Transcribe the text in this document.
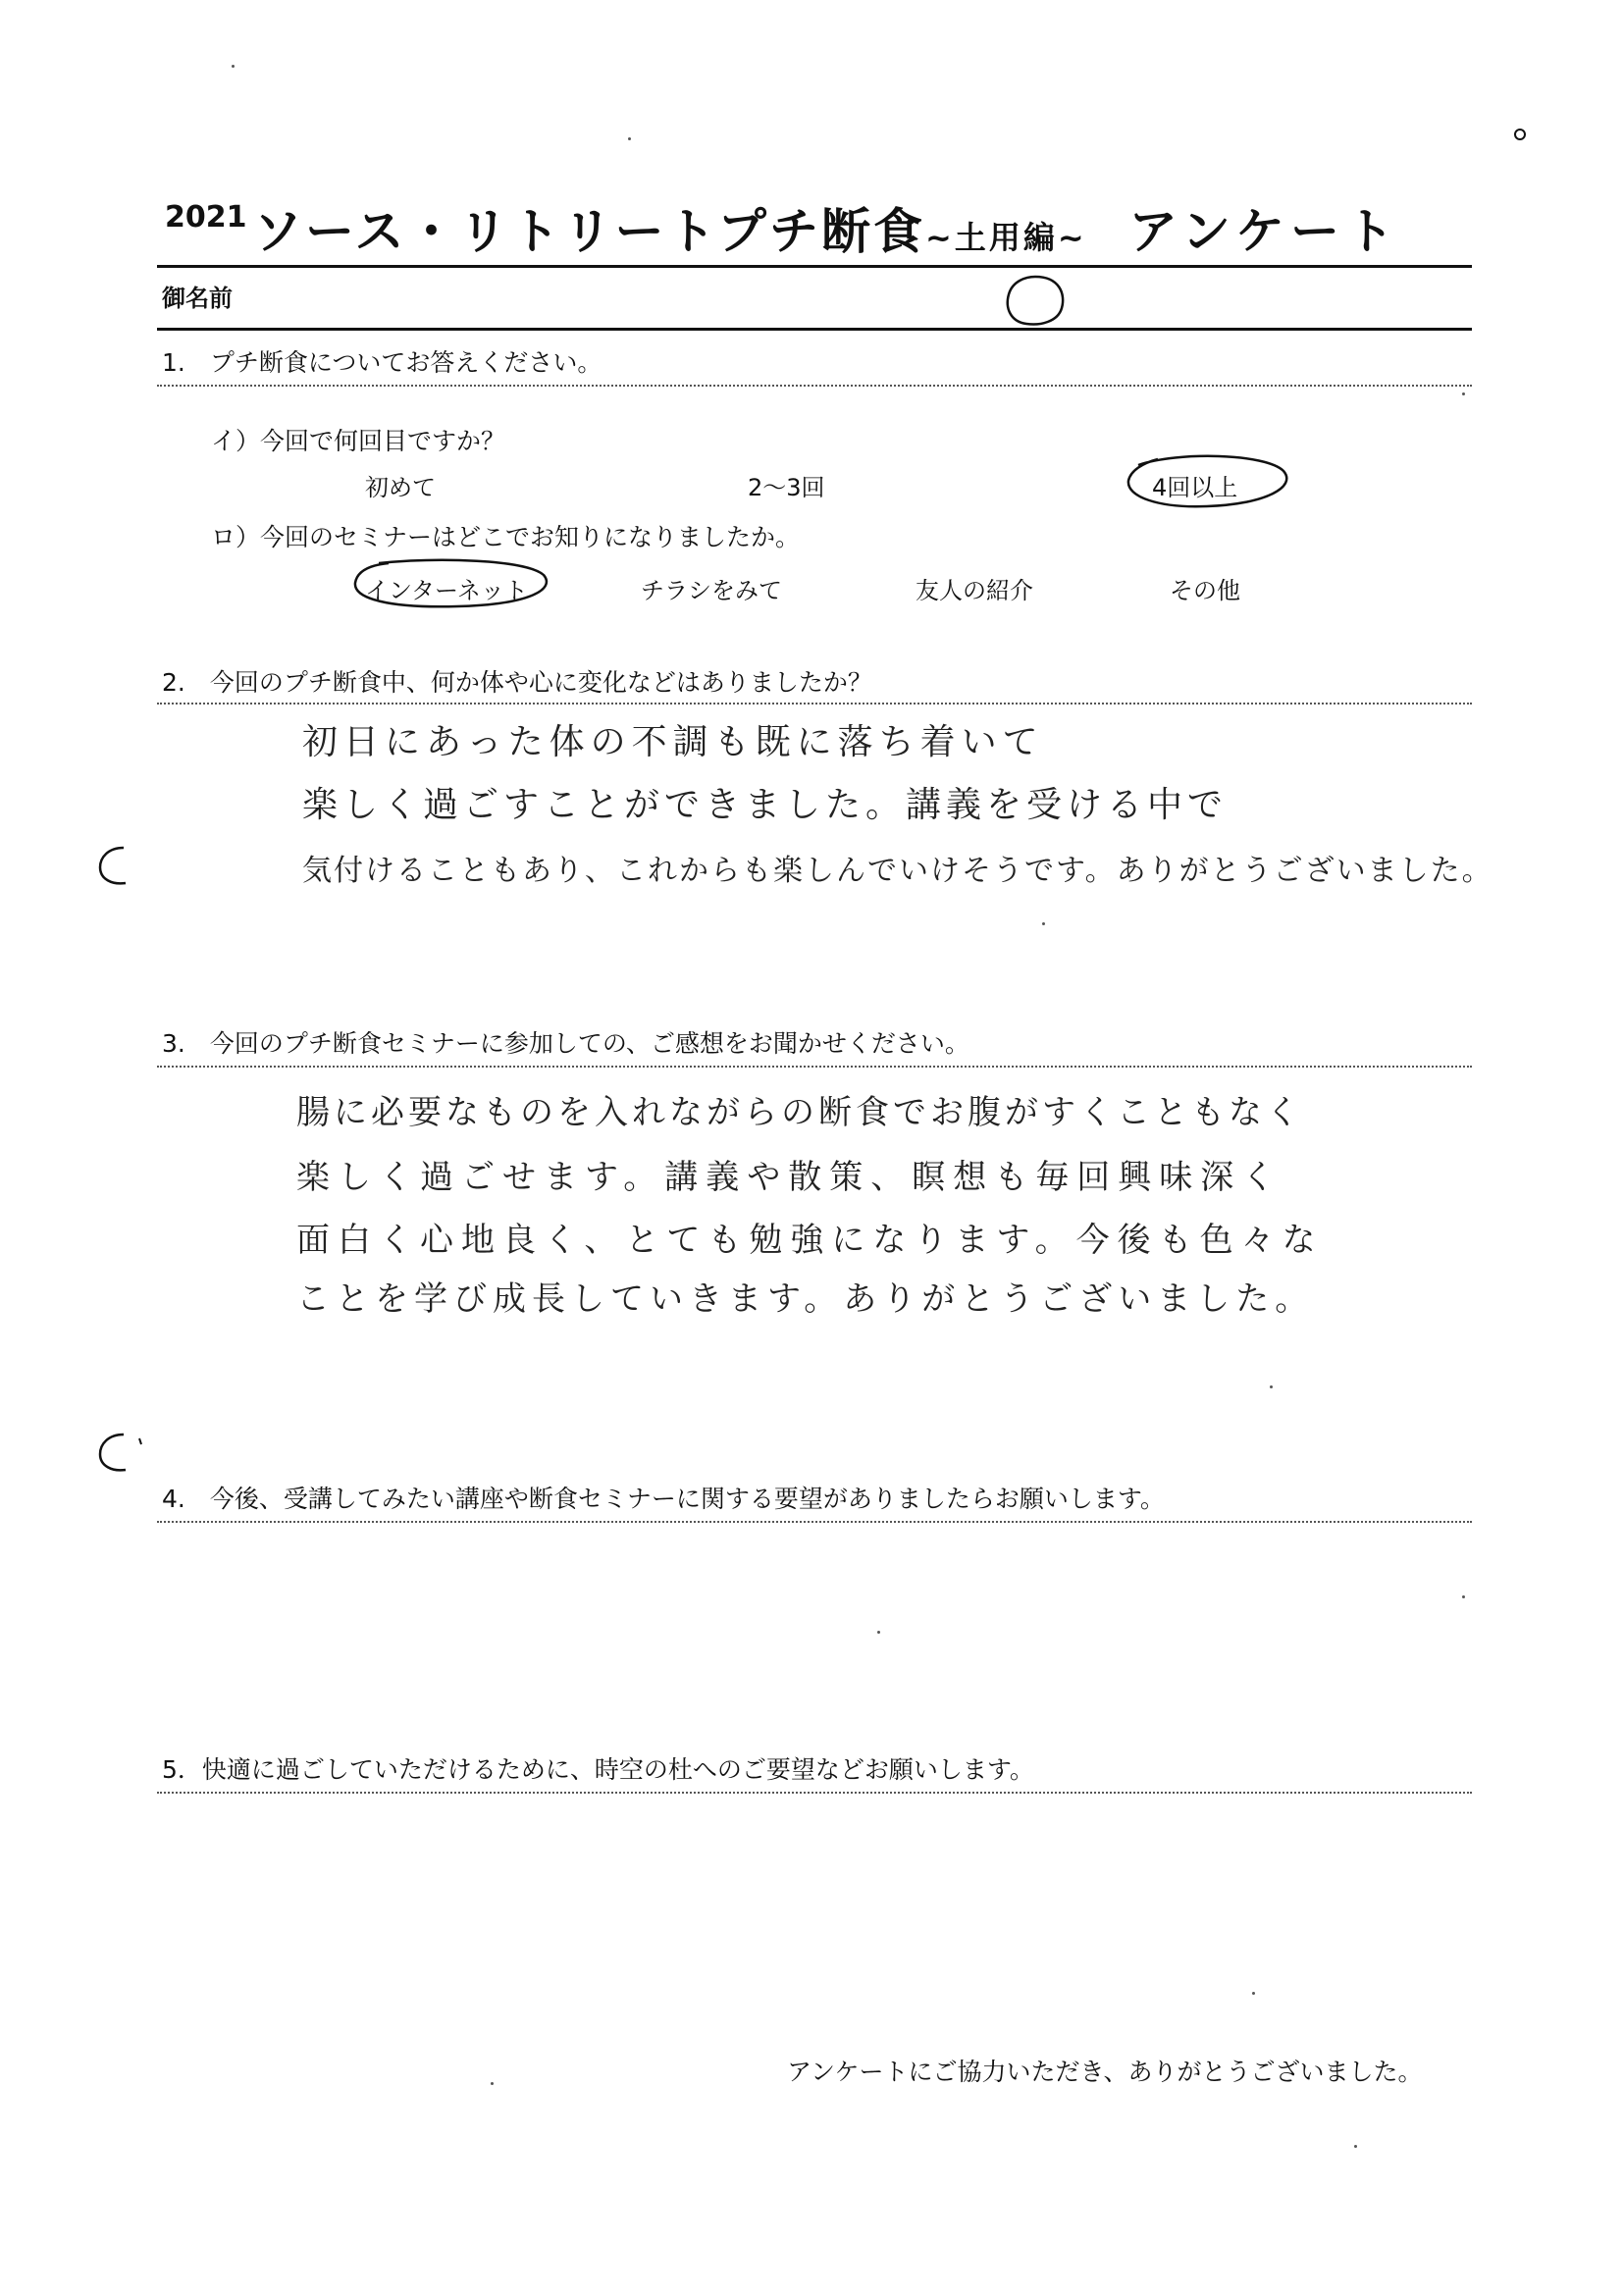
2021 ソース・リトリートプチ断食~土用編~ アンケート
御名前
1.　プチ断食についてお答えください。
イ）今回で何回目ですか？
初めて	2～3回	4回以上
ロ）今回のセミナーはどこでお知りになりましたか。
インターネット	チラシをみて	友人の紹介	その他
2.　今回のプチ断食中、何か体や心に変化などはありましたか？
初日にあった体の不調も既に落ち着いて
楽しく過ごすことができました。講義を受ける中で
気付けることもあり、これからも楽しんでいけそうです。ありがとうございました。
3.　今回のプチ断食セミナーに参加しての、ご感想をお聞かせください。
腸に必要なものを入れながらの断食でお腹がすくこともなく
楽しく過ごせます。講義や散策、瞑想も毎回興味深く
面白く心地良く、とても勉強になります。今後も色々な
ことを学び成長していきます。ありがとうございました。
4.　今後、受講してみたい講座や断食セミナーに関する要望がありましたらお願いします。
5．快適に過ごしていただけるために、時空の杜へのご要望などお願いします。
アンケートにご協力いただき、ありがとうございました。
